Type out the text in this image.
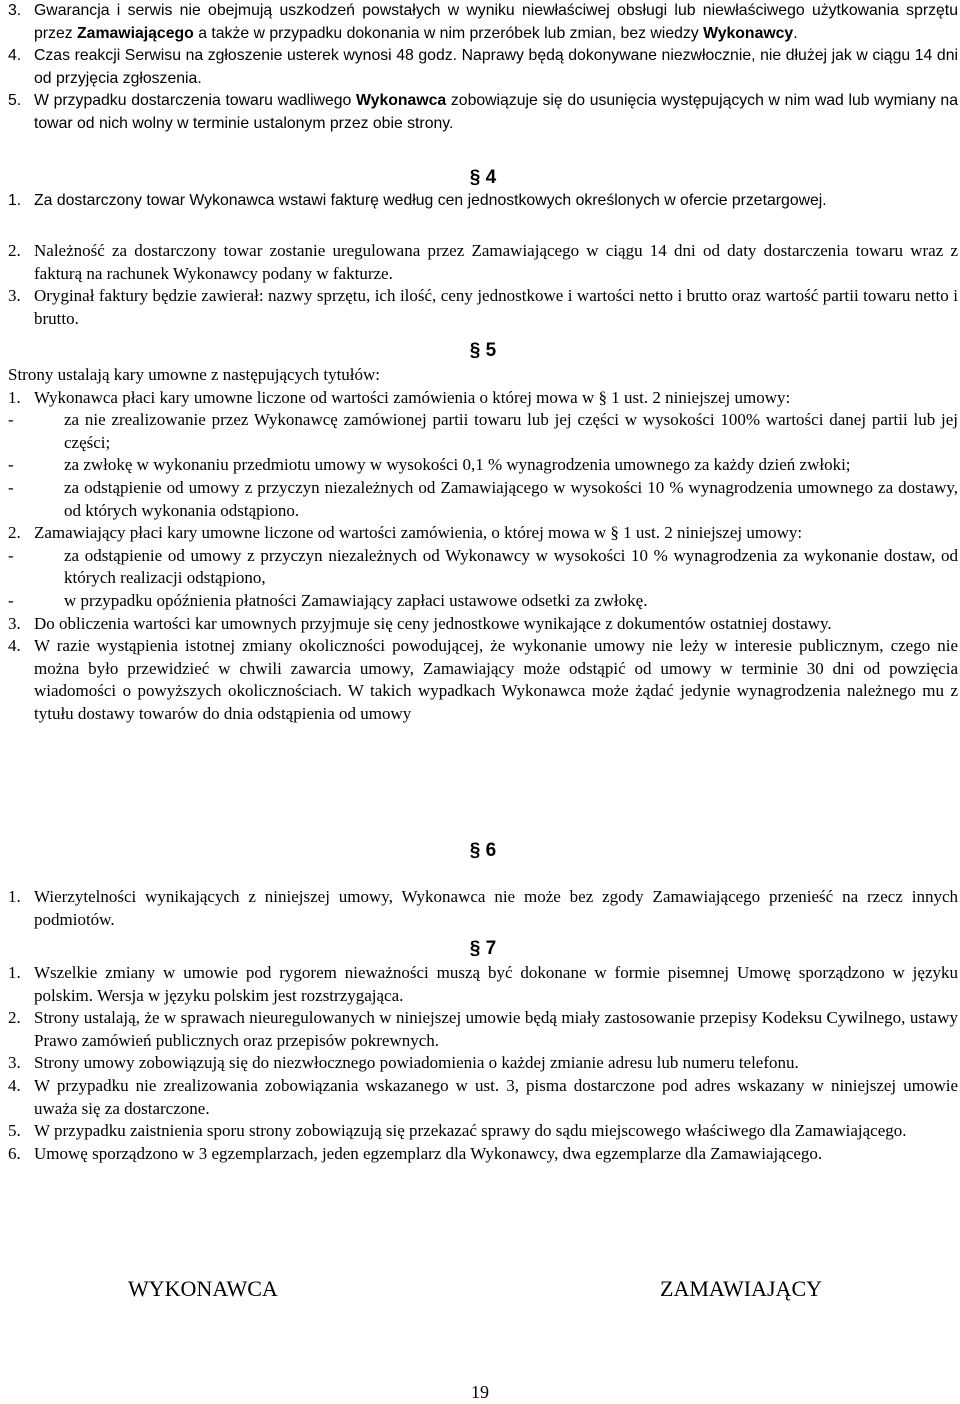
3. Gwarancja i serwis nie obejmują uszkodzeń powstałych w wyniku niewłaściwej obsługi lub niewłaściwego użytkowania sprzętu przez Zamawiającego a także w przypadku dokonania w nim przeróbek lub zmian, bez wiedzy Wykonawcy.

4. Czas reakcji Serwisu na zgłoszenie usterek wynosi 48 godz. Naprawy będą dokonywane niezwłocznie, nie dłużej jak w ciągu 14 dni od przyjęcia zgłoszenia.

5. W przypadku dostarczenia towaru wadliwego Wykonawca zobowiązuje się do usunięcia występujących w nim wad lub wymiany na towar od nich wolny w terminie ustalonym przez obie strony.

§ 4

1. Za dostarczony towar Wykonawca wstawi fakturę według cen jednostkowych określonych w ofercie przetargowej.

2. Należność za dostarczony towar zostanie uregulowana przez Zamawiającego w ciągu 14 dni od daty dostarczenia towaru wraz z fakturą na rachunek Wykonawcy podany w fakturze.

3. Oryginał faktury będzie zawierał: nazwy sprzętu, ich ilość, ceny jednostkowe i wartości netto i brutto oraz wartość partii towaru netto i brutto.

§ 5

Strony ustalają kary umowne z następujących tytułów:

1. Wykonawca płaci kary umowne liczone od wartości zamówienia o której mowa w § 1 ust. 2 niniejszej umowy:

-	za nie zrealizowanie przez Wykonawcę zamówionej partii towaru lub jej części w wysokości 100% wartości danej partii lub jej części;

-	za zwłokę w wykonaniu przedmiotu umowy w wysokości 0,1 % wynagrodzenia umownego za każdy dzień zwłoki;

-	za odstąpienie od umowy z przyczyn niezależnych od Zamawiającego w wysokości 10 % wynagrodzenia umownego za dostawy, od których wykonania odstąpiono.

2. Zamawiający płaci kary umowne liczone od wartości zamówienia, o której mowa w § 1 ust. 2 niniejszej umowy:

-	za odstąpienie od umowy z przyczyn niezależnych od Wykonawcy w wysokości 10 % wynagrodzenia za wykonanie dostaw, od których realizacji odstąpiono,

-	w przypadku opóźnienia płatności Zamawiający zapłaci ustawowe odsetki za zwłokę.

3. Do obliczenia wartości kar umownych przyjmuje się ceny jednostkowe wynikające z dokumentów ostatniej dostawy.

4. W razie wystąpienia istotnej zmiany okoliczności powodującej, że wykonanie umowy nie leży w interesie publicznym, czego nie można było przewidzieć w chwili zawarcia umowy, Zamawiający może odstąpić od umowy w terminie 30 dni od powzięcia wiadomości o powyższych okolicznościach. W takich wypadkach Wykonawca może żądać jedynie wynagrodzenia należnego mu z tytułu dostawy towarów do dnia odstąpienia od umowy

§ 6

1. Wierzytelności wynikających z niniejszej umowy, Wykonawca nie może bez zgody Zamawiającego przenieść na rzecz innych podmiotów.

§ 7

1. Wszelkie zmiany w umowie pod rygorem nieważności muszą być dokonane w formie pisemnej Umowę sporządzono w języku polskim. Wersja w języku polskim jest rozstrzygająca.

2. Strony ustalają, że w sprawach nieuregulowanych w niniejszej umowie będą miały zastosowanie przepisy Kodeksu Cywilnego, ustawy Prawo zamówień publicznych oraz przepisów pokrewnych.

3. Strony umowy zobowiązują się do niezwłocznego powiadomienia o każdej zmianie adresu lub numeru telefonu.

4. W przypadku nie zrealizowania zobowiązania wskazanego w ust. 3, pisma dostarczone pod adres wskazany w niniejszej umowie uważa się za dostarczone.

5. W przypadku zaistnienia sporu strony zobowiązują się przekazać sprawy do sądu miejscowego właściwego dla Zamawiającego.

6. Umowę sporządzono w 3 egzemplarzach, jeden egzemplarz dla Wykonawcy, dwa egzemplarze dla Zamawiającego.

WYKONAWCA	ZAMAWIAJĄCY
19
